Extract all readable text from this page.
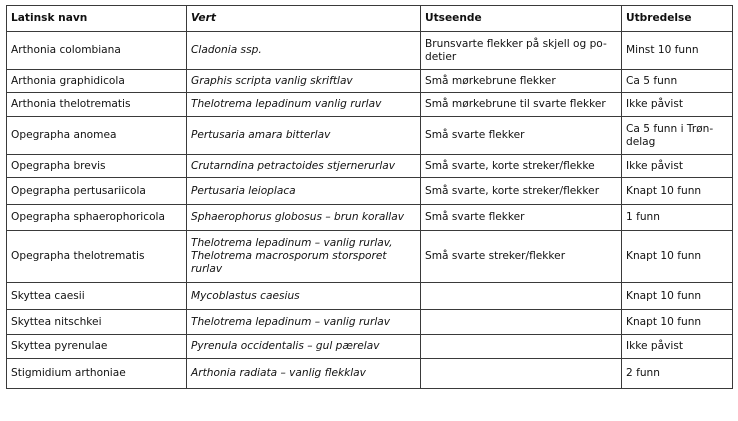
Latinsk navn	Vert	Utseende	Utbredelse
Arthonia colombiana	Cladonia ssp.	Brunsvarte flekker på skjell og po-detier	Minst 10 funn
Arthonia graphidicola	Graphis scripta vanlig skriftlav	Små mørkebrune flekker	Ca 5 funn
Arthonia thelotrematis	Thelotrema lepadinum vanlig rurlav	Små mørkebrune til svarte flekker	Ikke påvist
Opegrapha anomea	Pertusaria amara bitterlav	Små svarte flekker	Ca 5 funn i Trøn-delag
Opegrapha brevis	Crutarndina petractoides stjernerurlav	Små svarte, korte streker/flekke	Ikke påvist
Opegrapha pertusariicola	Pertusaria leioplaca	Små svarte, korte streker/flekker	Knapt 10 funn
Opegrapha sphaerophoricola	Sphaerophorus globosus – brun korallav	Små svarte flekker	1 funn
Opegrapha thelotrematis	Thelotrema lepadinum – vanlig rurlav, Thelotrema macrosporum storsporet rurlav	Små svarte streker/flekker	Knapt 10 funn
Skyttea caesii	Mycoblastus caesius		Knapt 10 funn
Skyttea nitschkei	Thelotrema lepadinum – vanlig rurlav		Knapt 10 funn
Skyttea pyrenulae	Pyrenula occidentalis – gul pærelav		Ikke påvist
Stigmidium arthoniae	Arthonia radiata – vanlig flekklav		2 funn
